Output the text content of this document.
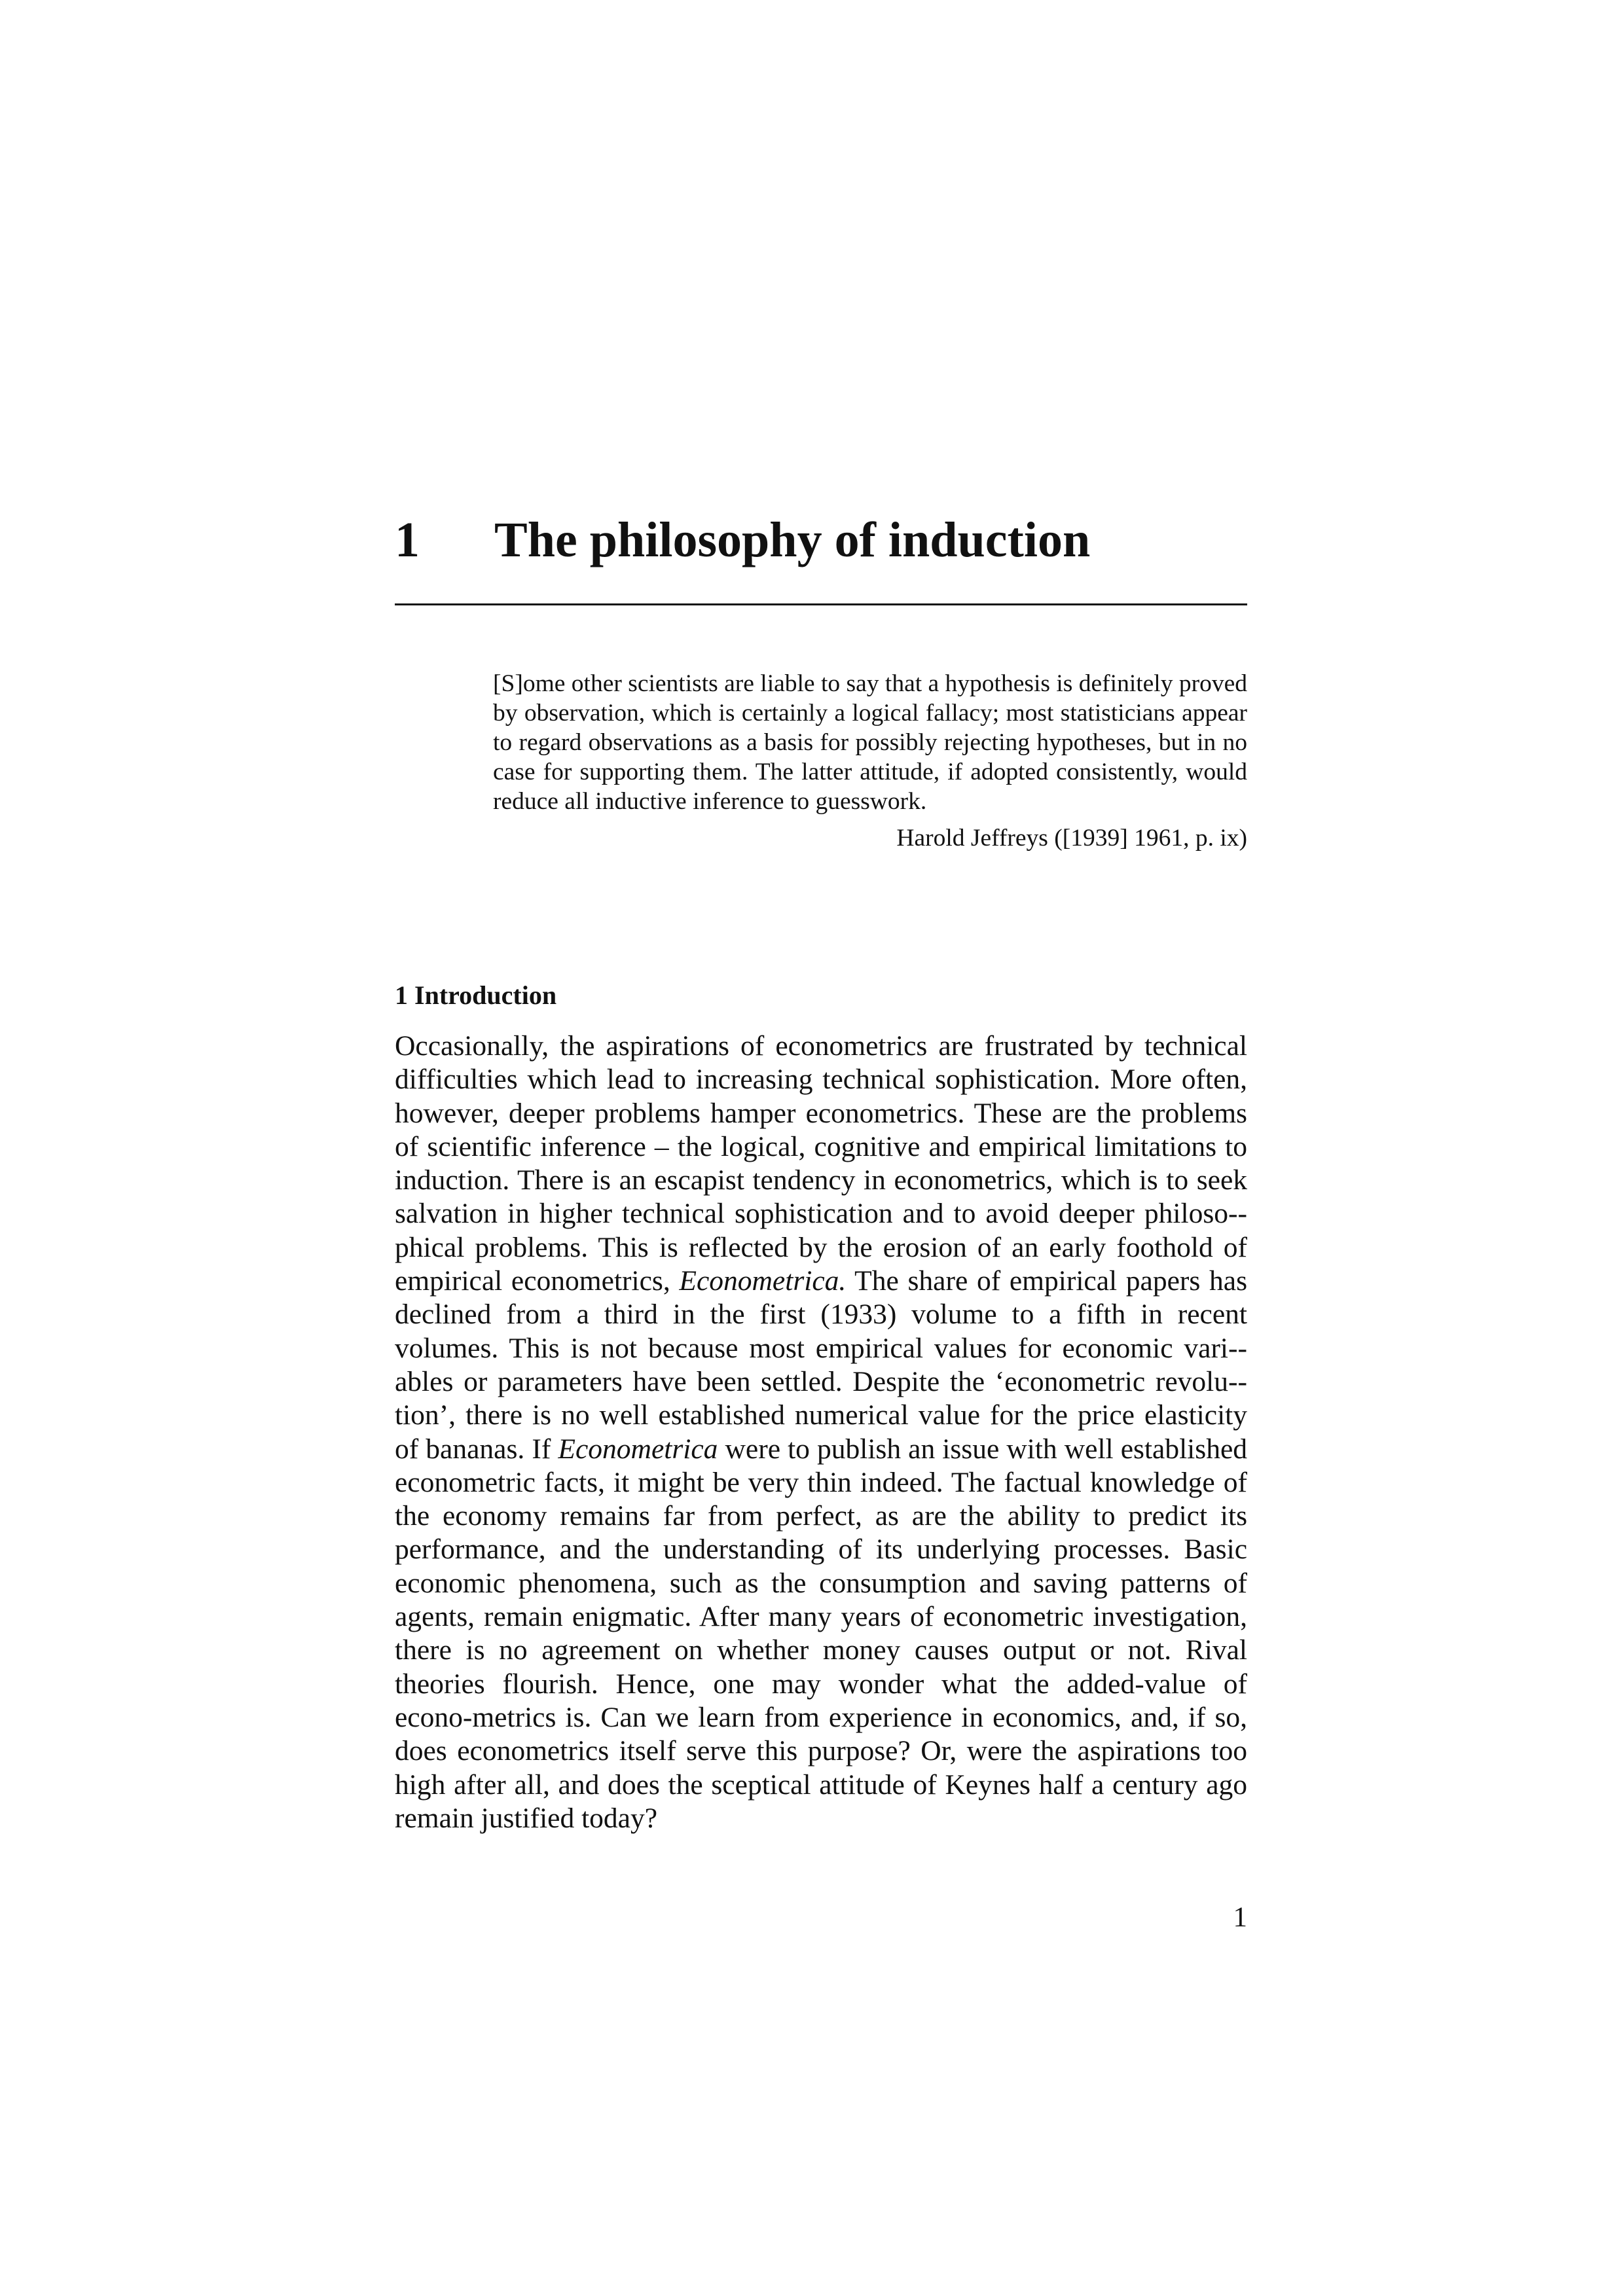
1 The philosophy of induction

[S]ome other scientists are liable to say that a hypothesis is definitely proved by observation, which is certainly a logical fallacy; most statisticians appear to regard observations as a basis for possibly rejecting hypotheses, but in no case for supporting them. The latter attitude, if adopted consistently, would reduce all inductive inference to guesswork.

Harold Jeffreys ([1939] 1961, p. ix)

1 Introduction

Occasionally, the aspirations of econometrics are frustrated by technical difficulties which lead to increasing technical sophistication. More often, however, deeper problems hamper econometrics. These are the problems of scientific inference – the logical, cognitive and empirical limitations to induction. There is an escapist tendency in econometrics, which is to seek salvation in higher technical sophistication and to avoid deeper philoso-phical problems. This is reflected by the erosion of an early foothold of empirical econometrics, Econometrica. The share of empirical papers has declined from a third in the first (1933) volume to a fifth in recent volumes. This is not because most empirical values for economic vari-ables or parameters have been settled. Despite the ‘econometric revolu-tion’, there is no well established numerical value for the price elasticity of bananas. If Econometrica were to publish an issue with well established econometric facts, it might be very thin indeed. The factual knowledge of the economy remains far from perfect, as are the ability to predict its performance, and the understanding of its underlying processes. Basic economic phenomena, such as the consumption and saving patterns of agents, remain enigmatic. After many years of econometric investigation, there is no agreement on whether money causes output or not. Rival theories flourish. Hence, one may wonder what the added-value of econo-metrics is. Can we learn from experience in economics, and, if so, does econometrics itself serve this purpose? Or, were the aspirations too high after all, and does the sceptical attitude of Keynes half a century ago remain justified today?

1
